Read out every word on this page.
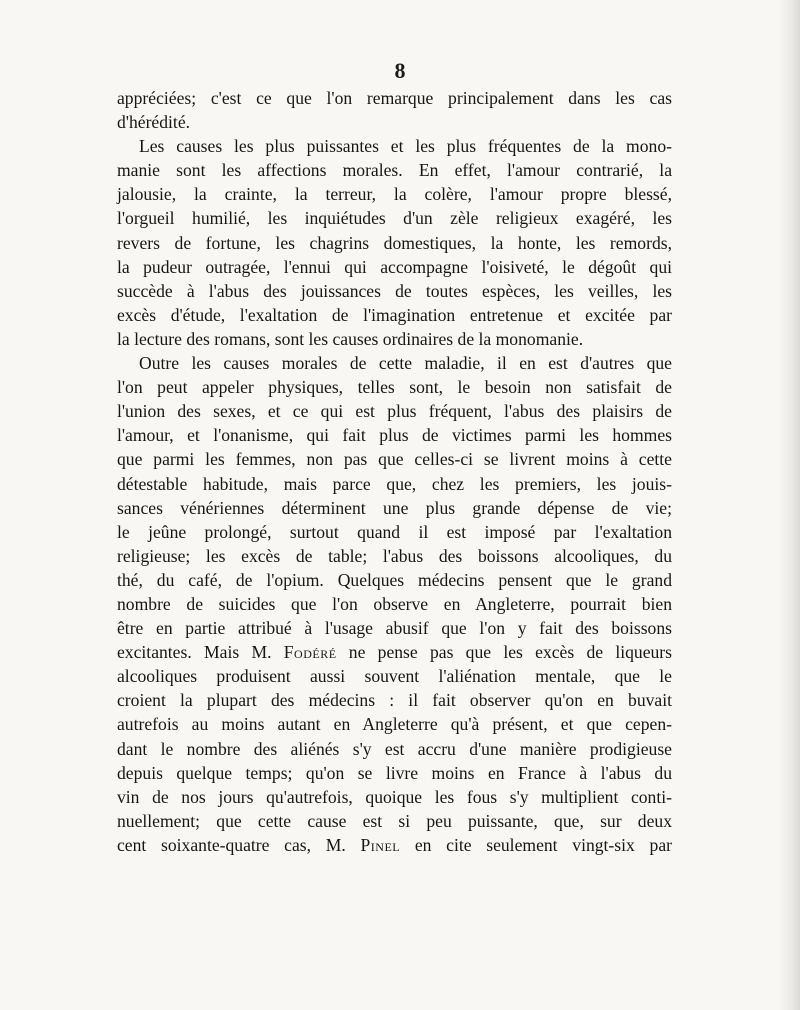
8
appréciées; c'est ce que l'on remarque principalement dans les cas
d'hérédité.
Les causes les plus puissantes et les plus fréquentes de la mono-
manie sont les affections morales. En effet, l'amour contrarié, la
jalousie, la crainte, la terreur, la colère, l'amour propre blessé,
l'orgueil humilié, les inquiétudes d'un zèle religieux exagéré, les
revers de fortune, les chagrins domestiques, la honte, les remords,
la pudeur outragée, l'ennui qui accompagne l'oisiveté, le dégoût qui
succède à l'abus des jouissances de toutes espèces, les veilles, les
excès d'étude, l'exaltation de l'imagination entretenue et excitée par
la lecture des romans, sont les causes ordinaires de la monomanie.
Outre les causes morales de cette maladie, il en est d'autres que
l'on peut appeler physiques, telles sont, le besoin non satisfait de
l'union des sexes, et ce qui est plus fréquent, l'abus des plaisirs de
l'amour, et l'onanisme, qui fait plus de victimes parmi les hommes
que parmi les femmes, non pas que celles-ci se livrent moins à cette
détestable habitude, mais parce que, chez les premiers, les jouis-
sances vénériennes déterminent une plus grande dépense de vie;
le jeûne prolongé, surtout quand il est imposé par l'exaltation
religieuse; les excès de table; l'abus des boissons alcooliques, du
thé, du café, de l'opium. Quelques médecins pensent que le grand
nombre de suicides que l'on observe en Angleterre, pourrait bien
être en partie attribué à l'usage abusif que l'on y fait des boissons
excitantes. Mais M. Fodéré ne pense pas que les excès de liqueurs
alcooliques produisent aussi souvent l'aliénation mentale, que le
croient la plupart des médecins : il fait observer qu'on en buvait
autrefois au moins autant en Angleterre qu'à présent, et que cepen-
dant le nombre des aliénés s'y est accru d'une manière prodigieuse
depuis quelque temps; qu'on se livre moins en France à l'abus du
vin de nos jours qu'autrefois, quoique les fous s'y multiplient conti-
nuellement; que cette cause est si peu puissante, que, sur deux
cent soixante-quatre cas, M. Pinel en cite seulement vingt-six par
